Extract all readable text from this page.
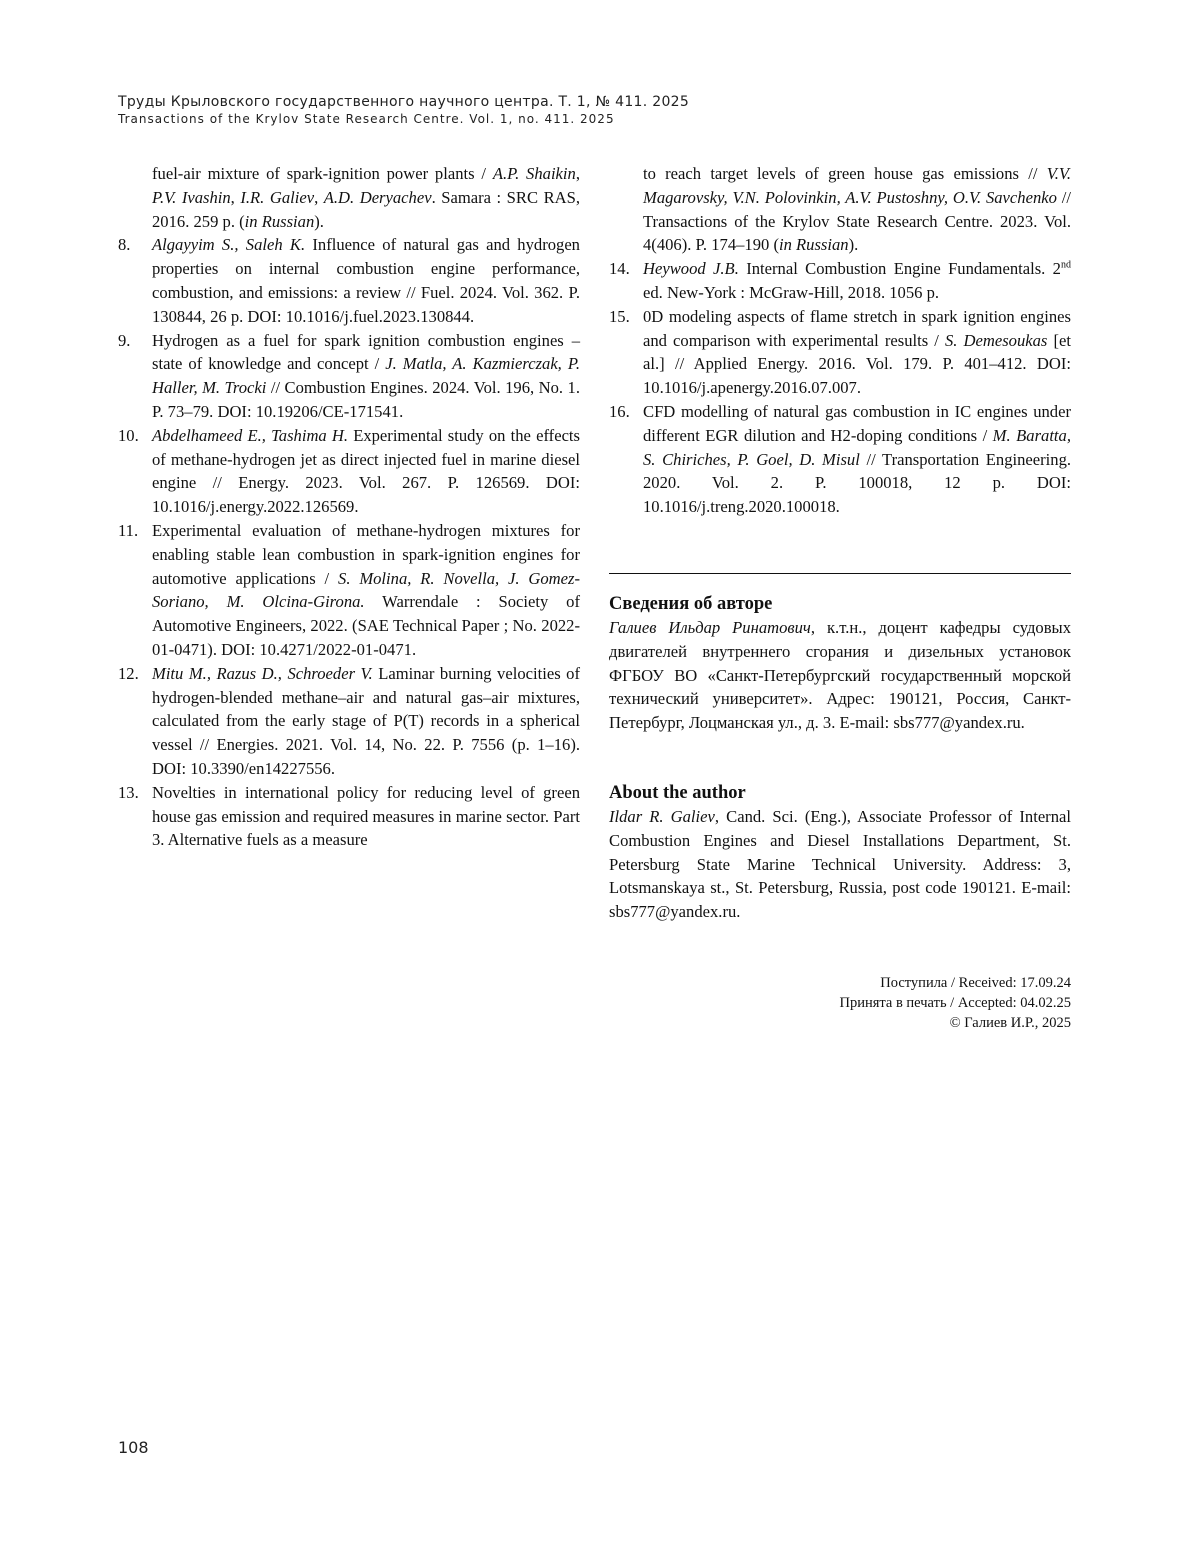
Труды Крыловского государственного научного центра. Т. 1, № 411. 2025
Transactions of the Krylov State Research Centre. Vol. 1, no. 411. 2025
fuel-air mixture of spark-ignition power plants / A.P. Shaikin, P.V. Ivashin, I.R. Galiev, A.D. Deryachev. Samara : SRC RAS, 2016. 259 p. (in Russian).
8.	Algayyim S., Saleh K. Influence of natural gas and hydrogen properties on internal combustion engine performance, combustion, and emissions: a review // Fuel. 2024. Vol. 362. P. 130844, 26 p. DOI: 10.1016/j.fuel.2023.130844.
9.	Hydrogen as a fuel for spark ignition combustion engines – state of knowledge and concept / J. Matla, A. Kazmierczak, P. Haller, M. Trocki // Combustion Engines. 2024. Vol. 196, No. 1. P. 73–79. DOI: 10.19206/CE-171541.
10. Abdelhameed E., Tashima H. Experimental study on the effects of methane-hydrogen jet as direct injected fuel in marine diesel engine // Energy. 2023. Vol. 267. P. 126569. DOI: 10.1016/j.energy.2022.126569.
11. Experimental evaluation of methane-hydrogen mixtures for enabling stable lean combustion in spark-ignition engines for automotive applications / S. Molina, R. Novella, J. Gomez-Soriano, M. Olcina-Girona. Warrendale : Society of Automotive Engineers, 2022. (SAE Technical Paper ; No. 2022-01-0471). DOI: 10.4271/2022-01-0471.
12. Mitu M., Razus D., Schroeder V. Laminar burning velocities of hydrogen-blended methane–air and natural gas–air mixtures, calculated from the early stage of P(T) records in a spherical vessel // Energies. 2021. Vol. 14, No. 22. P. 7556 (p. 1–16). DOI: 10.3390/en14227556.
13. Novelties in international policy for reducing level of green house gas emission and required measures in marine sector. Part 3. Alternative fuels as a measure
to reach target levels of green house gas emissions // V.V. Magarovsky, V.N. Polovinkin, A.V. Pustoshny, O.V. Savchenko // Transactions of the Krylov State Research Centre. 2023. Vol. 4(406). P. 174–190 (in Russian).
14. Heywood J.B. Internal Combustion Engine Fundamentals. 2nd ed. New-York : McGraw-Hill, 2018. 1056 p.
15. 0D modeling aspects of flame stretch in spark ignition engines and comparison with experimental results / S. Demesoukas [et al.] // Applied Energy. 2016. Vol. 179. P. 401–412. DOI: 10.1016/j.apenergy.2016.07.007.
16. CFD modelling of natural gas combustion in IC engines under different EGR dilution and H2-doping conditions / M. Baratta, S. Chiriches, P. Goel, D. Misul // Transportation Engineering. 2020. Vol. 2. P. 100018, 12 p. DOI: 10.1016/j.treng.2020.100018.
Сведения об авторе
Галиев Ильдар Ринатович, к.т.н., доцент кафедры судовых двигателей внутреннего сгорания и дизельных установок ФГБОУ ВО «Санкт-Петербургский государственный морской технический университет». Адрес: 190121, Россия, Санкт-Петербург, Лоцманская ул., д. 3. E-mail: sbs777@yandex.ru.
About the author
Ildar R. Galiev, Cand. Sci. (Eng.), Associate Professor of Internal Combustion Engines and Diesel Installations Department, St. Petersburg State Marine Technical University. Address: 3, Lotsmanskaya st., St. Petersburg, Russia, post code 190121. E-mail: sbs777@yandex.ru.
Поступила / Received: 17.09.24
Принята в печать / Accepted: 04.02.25
© Галиев И.Р., 2025
108
